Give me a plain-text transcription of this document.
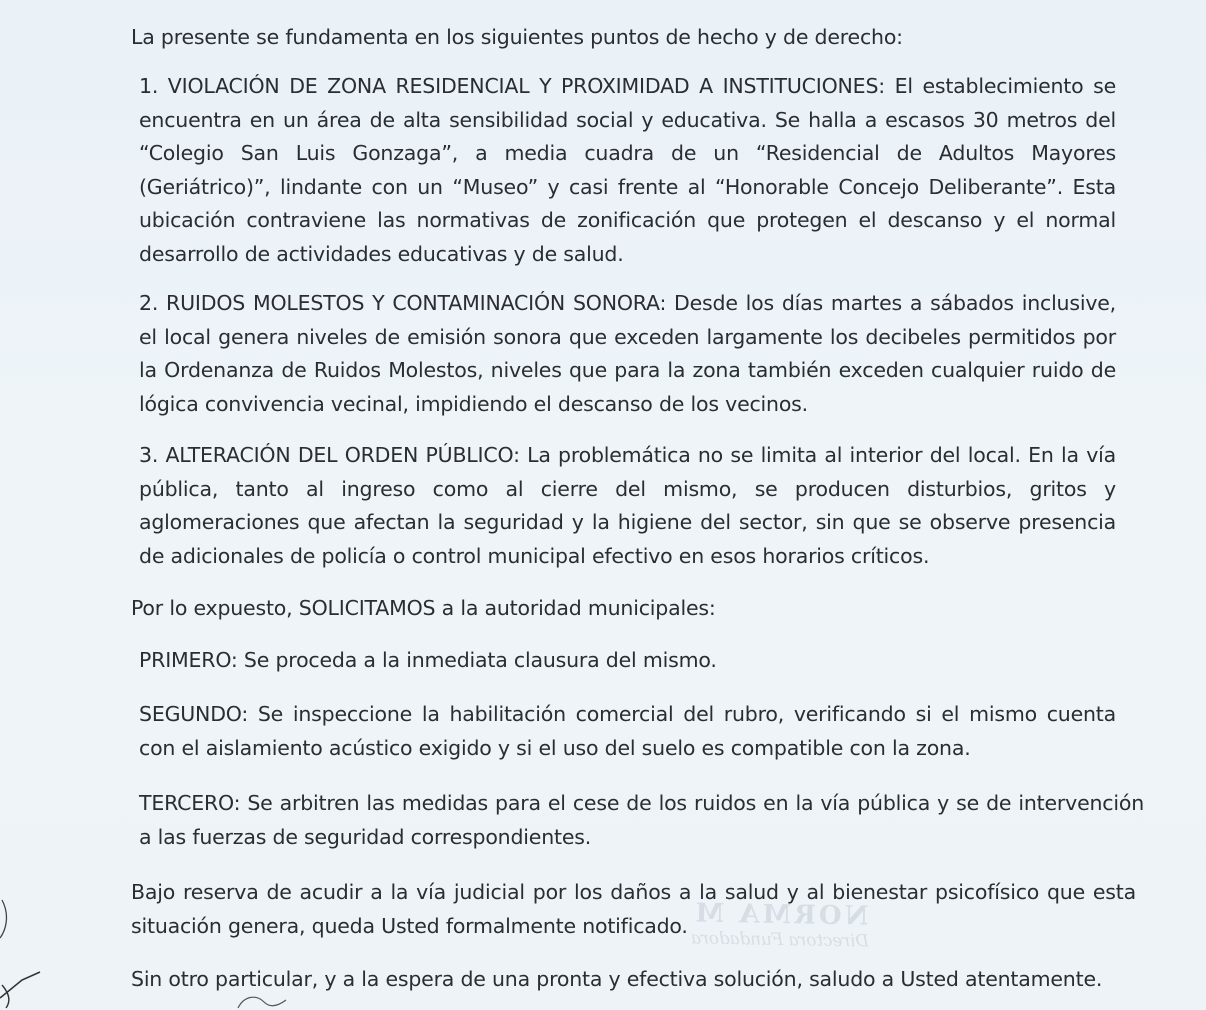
NORMA M
Directora Fundadora

La presente se fundamenta en los siguientes puntos de hecho y de derecho:

1. VIOLACIÓN DE ZONA RESIDENCIAL Y PROXIMIDAD A INSTITUCIONES: El establecimiento se encuentra en un área de alta sensibilidad social y educativa. Se halla a escasos 30 metros del “Colegio San Luis Gonzaga”, a media cuadra de un “Residencial de Adultos Mayores (Geriátrico)”, lindante con un “Museo” y casi frente al “Honorable Concejo Deliberante”. Esta ubicación contraviene las normativas de zonificación que protegen el descanso y el normal desarrollo de actividades educativas y de salud.

2. RUIDOS MOLESTOS Y CONTAMINACIÓN SONORA: Desde los días martes a sábados inclusive, el local genera niveles de emisión sonora que exceden largamente los decibeles permitidos por la Ordenanza de Ruidos Molestos, niveles que para la zona también exceden cualquier ruido de lógica convivencia vecinal, impidiendo el descanso de los vecinos.

3. ALTERACIÓN DEL ORDEN PÚBLICO: La problemática no se limita al interior del local. En la vía pública, tanto al ingreso como al cierre del mismo, se producen disturbios, gritos y aglomeraciones que afectan la seguridad y la higiene del sector, sin que se observe presencia de adicionales de policía o control municipal efectivo en esos horarios críticos.

Por lo expuesto, SOLICITAMOS a la autoridad municipales:

PRIMERO: Se proceda a la inmediata clausura del mismo.

SEGUNDO: Se inspeccione la habilitación comercial del rubro, verificando si el mismo cuenta con el aislamiento acústico exigido y si el uso del suelo es compatible con la zona.

TERCERO: Se arbitren las medidas para el cese de los ruidos en la vía pública y se de intervención a las fuerzas de seguridad correspondientes.

Bajo reserva de acudir a la vía judicial por los daños a la salud y al bienestar psicofísico que esta situación genera, queda Usted formalmente notificado.

Sin otro particular, y a la espera de una pronta y efectiva solución, saludo a Usted atentamente.
